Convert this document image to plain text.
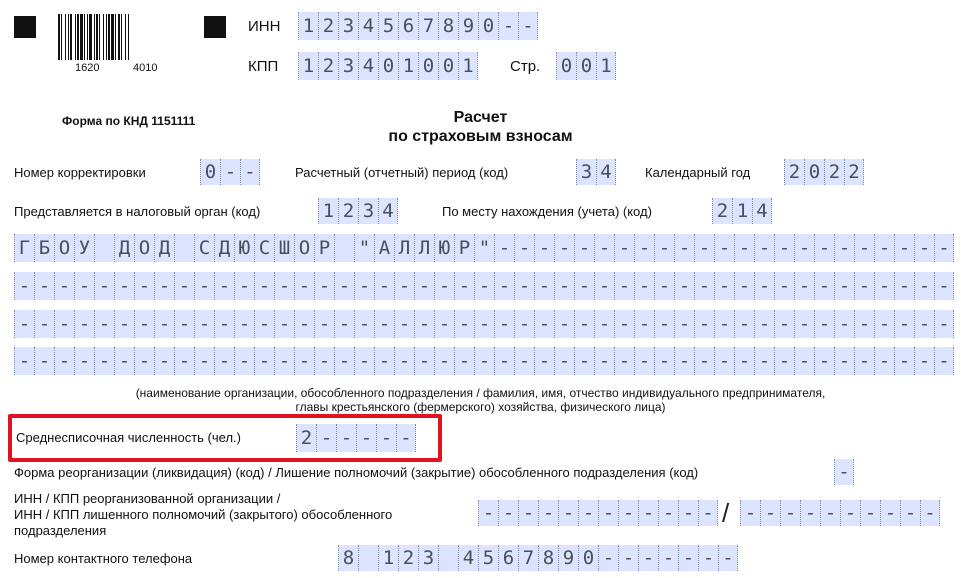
1620	4010
ИНН 1 2 3 4 5 6 7 8 9 0 - -
КПП 1 2 3 4 0 1 0 0 1 Стр. 0 0 1
Форма по КНД 1151111	Расчет
по страховым взносам
Номер корректировки	0 - -	Расчетный (отчетный) период (код)	3 4	Календарный год 2 0 2 2
Представляется в налоговый орган (код)	1 2 3 4	По месту нахождения (учета) (код)	2 1 4
Г Б О У Д О Д С Д Ю С Ш О Р " А Л Л Ю Р " - - - - - - - - - - - - - - - - - - - - - - -
- - - - - - - - - - - - - - - - - - - - - - - - - - - - - - - - - - - - - - - - - - - - - - -
- - - - - - - - - - - - - - - - - - - - - - - - - - - - - - - - - - - - - - - - - - - - - - -
- - - - - - - - - - - - - - - - - - - - - - - - - - - - - - - - - - - - - - - - - - - - - - -
(наименование организации, обособленного подразделения / фамилия, имя, отчество индивидуального предпринимателя,
главы крестьянского (фермерского) хозяйства, физического лица)
Среднесписочная численность (чел.)	2 - - - - -
Форма реорганизации (ликвидация) (код) / Лишение полномочий (закрытие) обособленного подразделения (код)	-
ИНН / КПП реорганизованной организации /
ИНН / КПП лишенного полномочий (закрытого) обособленного
подразделения
- - - - - - - - - - - - / - - - - - - - - - -
Номер контактного телефона	8 1 2 3 4 5 6 7 8 9 0 - - - - - - -
